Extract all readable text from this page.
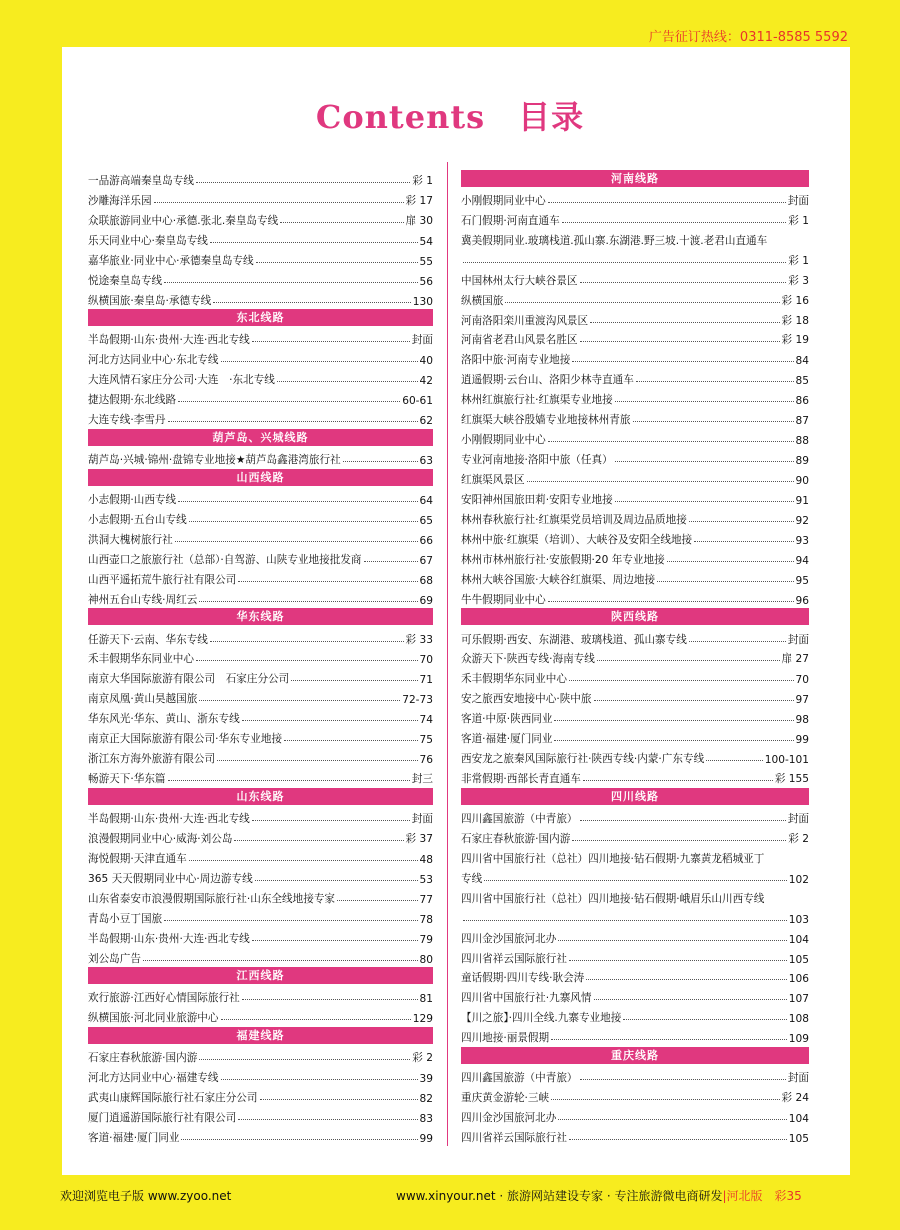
广告征订热线：0311-8585 5592
Contents　目录
一品游高端秦皇岛专线	彩 1
沙雕海洋乐园	彩 17
众联旅游同业中心·承德.张北.秦皇岛专线	扉 30
乐天同业中心·秦皇岛专线	54
嘉华旅业·同业中心·承德秦皇岛专线	55
悦途秦皇岛专线	56
纵横国旅·秦皇岛·承德专线	130
东北线路
半岛假期·山东·贵州·大连·西北专线	封面
河北方达同业中心·东北专线	40
大连风情石家庄分公司·大连　·东北专线	42
捷达假期·东北线路	60-61
大连专线·李雪丹	62
葫芦岛、兴城线路
葫芦岛·兴城·锦州·盘锦专业地接★葫芦岛鑫港湾旅行社	63
山西线路
小志假期·山西专线	64
小志假期·五台山专线	65
洪洞大槐树旅行社	66
山西壶口之旅旅行社（总部）·自驾游、山陕专业地接批发商	67
山西平遥拓荒牛旅行社有限公司	68
神州五台山专线·周红云	69
华东线路
任游天下·云南、华东专线	彩 33
禾丰假期华东同业中心	70
南京大华国际旅游有限公司　石家庄分公司	71
南京凤凰·黄山昊越国旅	72-73
华东风光·华东、黄山、浙东专线	74
南京正大国际旅游有限公司·华东专业地接	75
浙江东方海外旅游有限公司	76
畅游天下·华东篇	封三
山东线路
半岛假期·山东·贵州·大连·西北专线	封面
浪漫假期同业中心·威海·刘公岛	彩 37
海悦假期·天津直通车	48
365 天天假期同业中心·周边游专线	53
山东省泰安市浪漫假期国际旅行社·山东全线地接专家	77
青岛小豆丁国旅	78
半岛假期·山东·贵州·大连·西北专线	79
刘公岛广告	80
江西线路
欢行旅游·江西好心情国际旅行社	81
纵横国旅·河北同业旅游中心	129
福建线路
石家庄春秋旅游·国内游	彩 2
河北方达同业中心·福建专线	39
武夷山康辉国际旅行社石家庄分公司	82
厦门逍遥游国际旅行社有限公司	83
客道·福建·厦门同业	99
河南线路
小刚假期同业中心	封面
石门假期·河南直通车	彩 1
冀美假期同业.玻璃栈道.孤山寨.东湖港.野三坡.十渡.老君山直通车
彩 1
中国林州太行大峡谷景区	彩 3
纵横国旅	彩 16
河南洛阳栾川重渡沟风景区	彩 18
河南省老君山风景名胜区	彩 19
洛阳中旅·河南专业地接	84
逍遥假期·云台山、洛阳少林寺直通车	85
林州红旗旅行社·红旗渠专业地接	86
红旗渠大峡谷殷嫱专业地接林州青旅	87
小刚假期同业中心	88
专业河南地接·洛阳中旅（任真）	89
红旗渠风景区	90
安阳神州国旅田莉·安阳专业地接	91
林州春秋旅行社·红旗渠党员培训及周边品质地接	92
林州中旅·红旗渠（培训）、大峡谷及安阳全线地接	93
林州市林州旅行社·安旅假期·20 年专业地接	94
林州大峡谷国旅·大峡谷红旗渠、周边地接	95
牛牛假期同业中心	96
陕西线路
可乐假期·西安、东湖港、玻璃栈道、孤山寨专线	封面
众游天下·陕西专线·海南专线	扉 27
禾丰假期华东同业中心	70
安之旅西安地接中心·陕中旅	97
客道·中原·陕西同业	98
客道·福建·厦门同业	99
西安龙之旅秦风国际旅行社·陕西专线·内蒙·广东专线	100-101
非常假期·西部长青直通车	彩 155
四川线路
四川鑫国旅游（中青旅）	封面
石家庄春秋旅游·国内游	彩 2
四川省中国旅行社（总社）四川地接·钻石假期·九寨黄龙稻城亚丁
专线	102
四川省中国旅行社（总社）四川地接·钻石假期·峨眉乐山川西专线
103
四川金沙国旅河北办	104
四川省祥云国际旅行社	105
童话假期·四川专线·耿会涛	106
四川省中国旅行社·九寨风情	107
【川之旅】·四川全线.九寨专业地接	108
四川地接·丽景假期	109
重庆线路
四川鑫国旅游（中青旅）	封面
重庆黄金游轮·三峡	彩 24
四川金沙国旅河北办	104
四川省祥云国际旅行社	105
欢迎浏览电子版 www.zyoo.net	www.xinyour.net · 旅游网站建设专家 · 专注旅游微电商研发|河北版　 彩35
